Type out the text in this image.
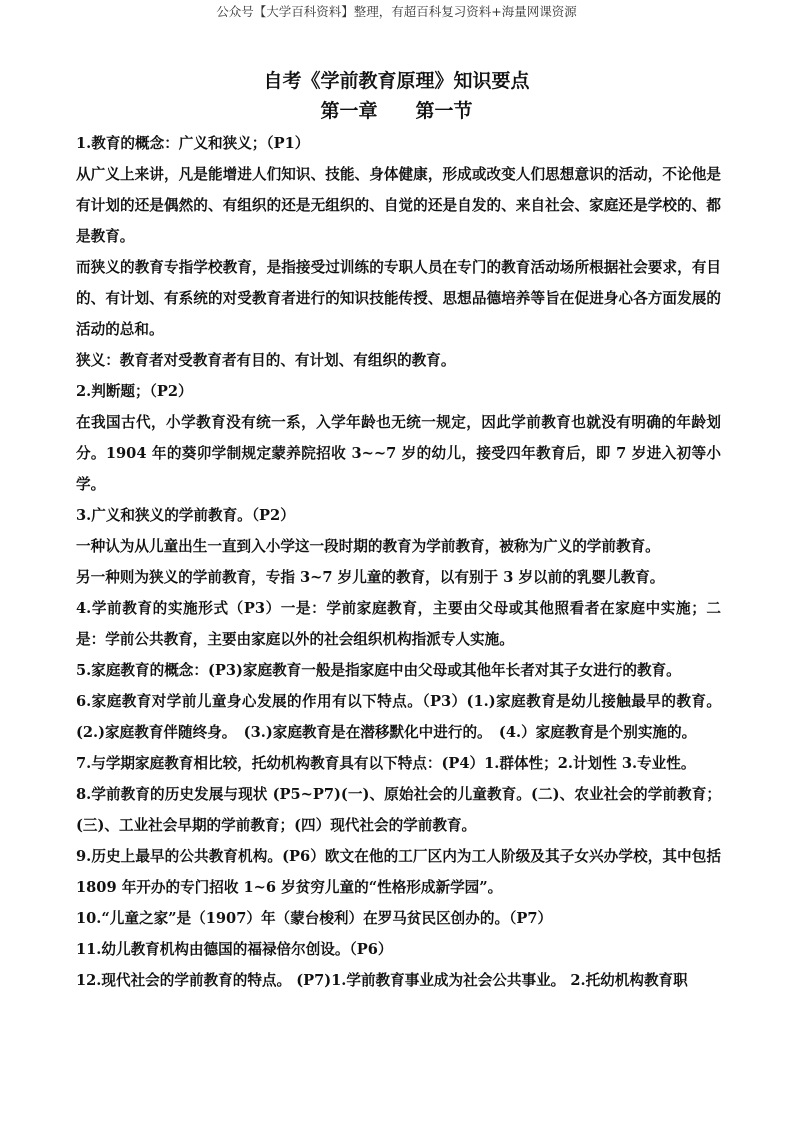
公众号【大学百科资料】整理，有超百科复习资料+海量网课资源
自考《学前教育原理》知识要点
第一章　　第一节

1.教育的概念：广义和狭义；（P1）

从广义上来讲，凡是能增进人们知识、技能、身体健康，形成或改变人们思想意识的活动，不论他是有计划的还是偶然的、有组织的还是无组织的、自觉的还是自发的、来自社会、家庭还是学校的、都是教育。

而狭义的教育专指学校教育，是指接受过训练的专职人员在专门的教育活动场所根据社会要求，有目的、有计划、有系统的对受教育者进行的知识技能传授、思想品德培养等旨在促进身心各方面发展的活动的总和。

狭义：教育者对受教育者有目的、有计划、有组织的教育。

2.判断题；（P2）

在我国古代，小学教育没有统一系，入学年龄也无统一规定，因此学前教育也就没有明确的年龄划分。1904 年的葵卯学制规定蒙养院招收 3~~7 岁的幼儿，接受四年教育后，即 7 岁进入初等小学。

3.广义和狭义的学前教育。（P2）

一种认为从儿童出生一直到入小学这一段时期的教育为学前教育，被称为广义的学前教育。

另一种则为狭义的学前教育，专指 3~7 岁儿童的教育，以有别于 3 岁以前的乳婴儿教育。

4.学前教育的实施形式（P3）一是：学前家庭教育，主要由父母或其他照看者在家庭中实施；二是：学前公共教育，主要由家庭以外的社会组织机构指派专人实施。

5.家庭教育的概念：(P3)家庭教育一般是指家庭中由父母或其他年长者对其子女进行的教育。

6.家庭教育对学前儿童身心发展的作用有以下特点。（P3）(1.)家庭教育是幼儿接触最早的教育。(2.)家庭教育伴随终身。　(3.)家庭教育是在潜移默化中进行的。　(4.）家庭教育是个别实施的。

7.与学期家庭教育相比较，托幼机构教育具有以下特点：(P4）1.群体性；2.计划性 3.专业性。

8.学前教育的历史发展与现状 (P5~P7)(一)、原始社会的儿童教育。(二)、农业社会的学前教育；(三)、工业社会早期的学前教育；(四）现代社会的学前教育。

9.历史上最早的公共教育机构。(P6）欧文在他的工厂区内为工人阶级及其子女兴办学校，其中包括 1809 年开办的专门招收 1~6 岁贫穷儿童的“性格形成新学园”。

10.“儿童之家”是（1907）年（蒙台梭利）在罗马贫民区创办的。（P7）

11.幼儿教育机构由德国的福禄倍尔创设。（P6）

12.现代社会的学前教育的特点。 (P7)1.学前教育事业成为社会公共事业。 2.托幼机构教育职
